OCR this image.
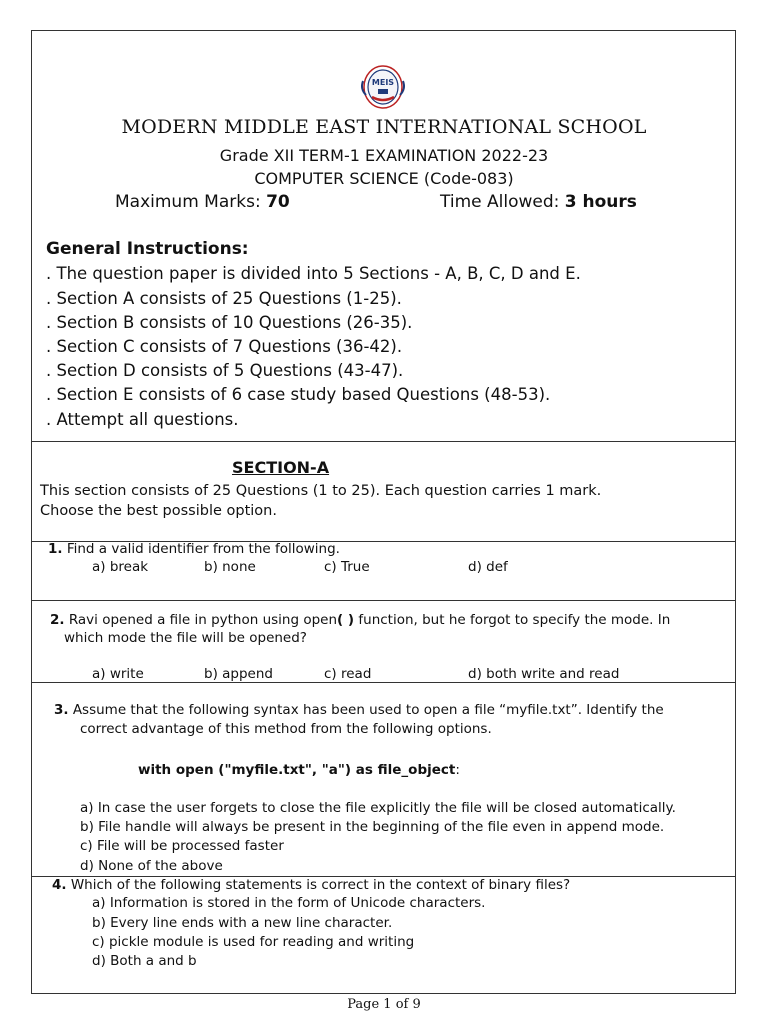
MEIS
MODERN MIDDLE EAST INTERNATIONAL SCHOOL
Grade XII TERM-1 EXAMINATION 2022-23
COMPUTER SCIENCE (Code-083)
Maximum Marks: 70	Time Allowed: 3 hours
General Instructions:
. The question paper is divided into 5 Sections - A, B, C, D and E.
. Section A consists of 25 Questions (1-25).
. Section B consists of 10 Questions (26-35).
. Section C consists of 7 Questions (36-42).
. Section D consists of 5 Questions (43-47).
. Section E consists of 6 case study based Questions (48-53).
. Attempt all questions.
SECTION-A
This section consists of 25 Questions (1 to 25). Each question carries 1 mark.
Choose the best possible option.
1. Find a valid identifier from the following.
a) break	b) none	c) True	d) def
2. Ravi opened a file in python using open( ) function, but he forgot to specify the mode. In
which mode the file will be opened?
a) write	b) append	c) read	d) both write and read
3. Assume that the following syntax has been used to open a file “myfile.txt”. Identify the
correct advantage of this method from the following options.
with open ("myfile.txt", "a") as file_object:
a) In case the user forgets to close the file explicitly the file will be closed automatically.
b) File handle will always be present in the beginning of the file even in append mode.
c) File will be processed faster
d) None of the above
4. Which of the following statements is correct in the context of binary files?
a) Information is stored in the form of Unicode characters.
b) Every line ends with a new line character.
c) pickle module is used for reading and writing
d) Both a and b
Page 1 of 9
